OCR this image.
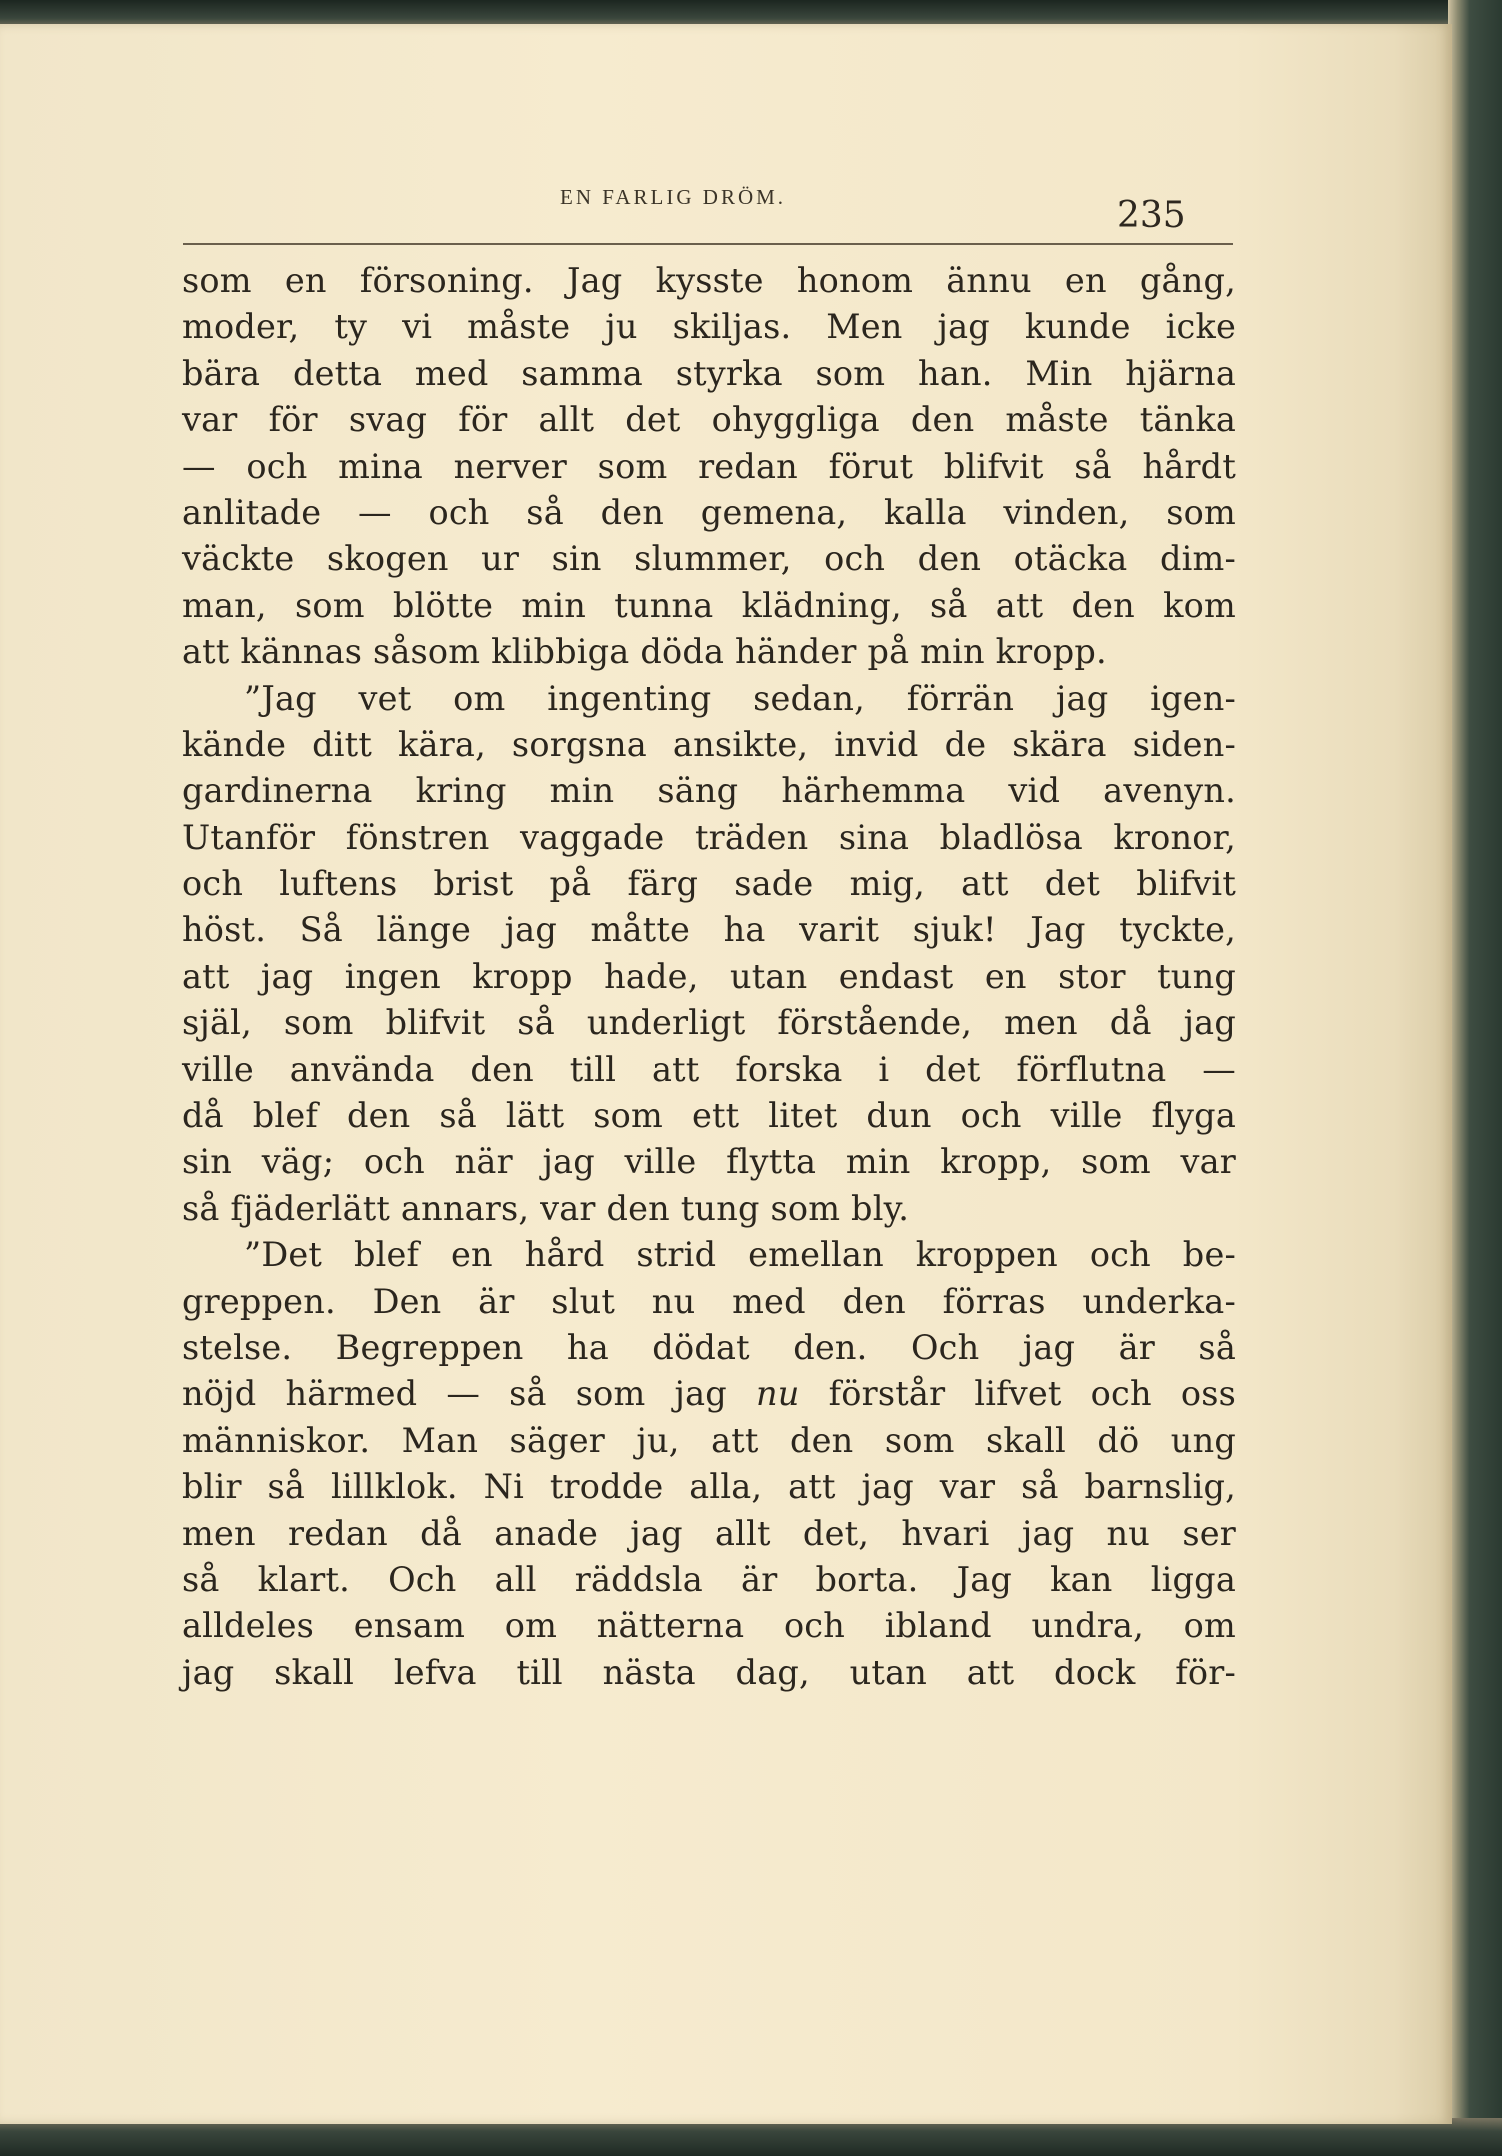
EN FARLIG DRÖM.	235
som en försoning. Jag kysste honom ännu en gång,
moder, ty vi måste ju skiljas. Men jag kunde icke
bära detta med samma styrka som han. Min hjärna
var för svag för allt det ohyggliga den måste tänka
— och mina nerver som redan förut blifvit så hårdt
anlitade — och så den gemena, kalla vinden, som
väckte skogen ur sin slummer, och den otäcka dim-
man, som blötte min tunna klädning, så att den kom
att kännas såsom klibbiga döda händer på min kropp.
”Jag vet om ingenting sedan, förrän jag igen-
kände ditt kära, sorgsna ansikte, invid de skära siden-
gardinerna kring min säng härhemma vid avenyn.
Utanför fönstren vaggade träden sina bladlösa kronor,
och luftens brist på färg sade mig, att det blifvit
höst. Så länge jag måtte ha varit sjuk! Jag tyckte,
att jag ingen kropp hade, utan endast en stor tung
själ, som blifvit så underligt förstående, men då jag
ville använda den till att forska i det förflutna —
då blef den så lätt som ett litet dun och ville flyga
sin väg; och när jag ville flytta min kropp, som var
så fjäderlätt annars, var den tung som bly.
”Det blef en hård strid emellan kroppen och be-
greppen. Den är slut nu med den förras underka-
stelse. Begreppen ha dödat den. Och jag är så
nöjd härmed — så som jag nu förstår lifvet och oss
människor. Man säger ju, att den som skall dö ung
blir så lillklok. Ni trodde alla, att jag var så barnslig,
men redan då anade jag allt det, hvari jag nu ser
så klart. Och all räddsla är borta. Jag kan ligga
alldeles ensam om nätterna och ibland undra, om
jag skall lefva till nästa dag, utan att dock för-
